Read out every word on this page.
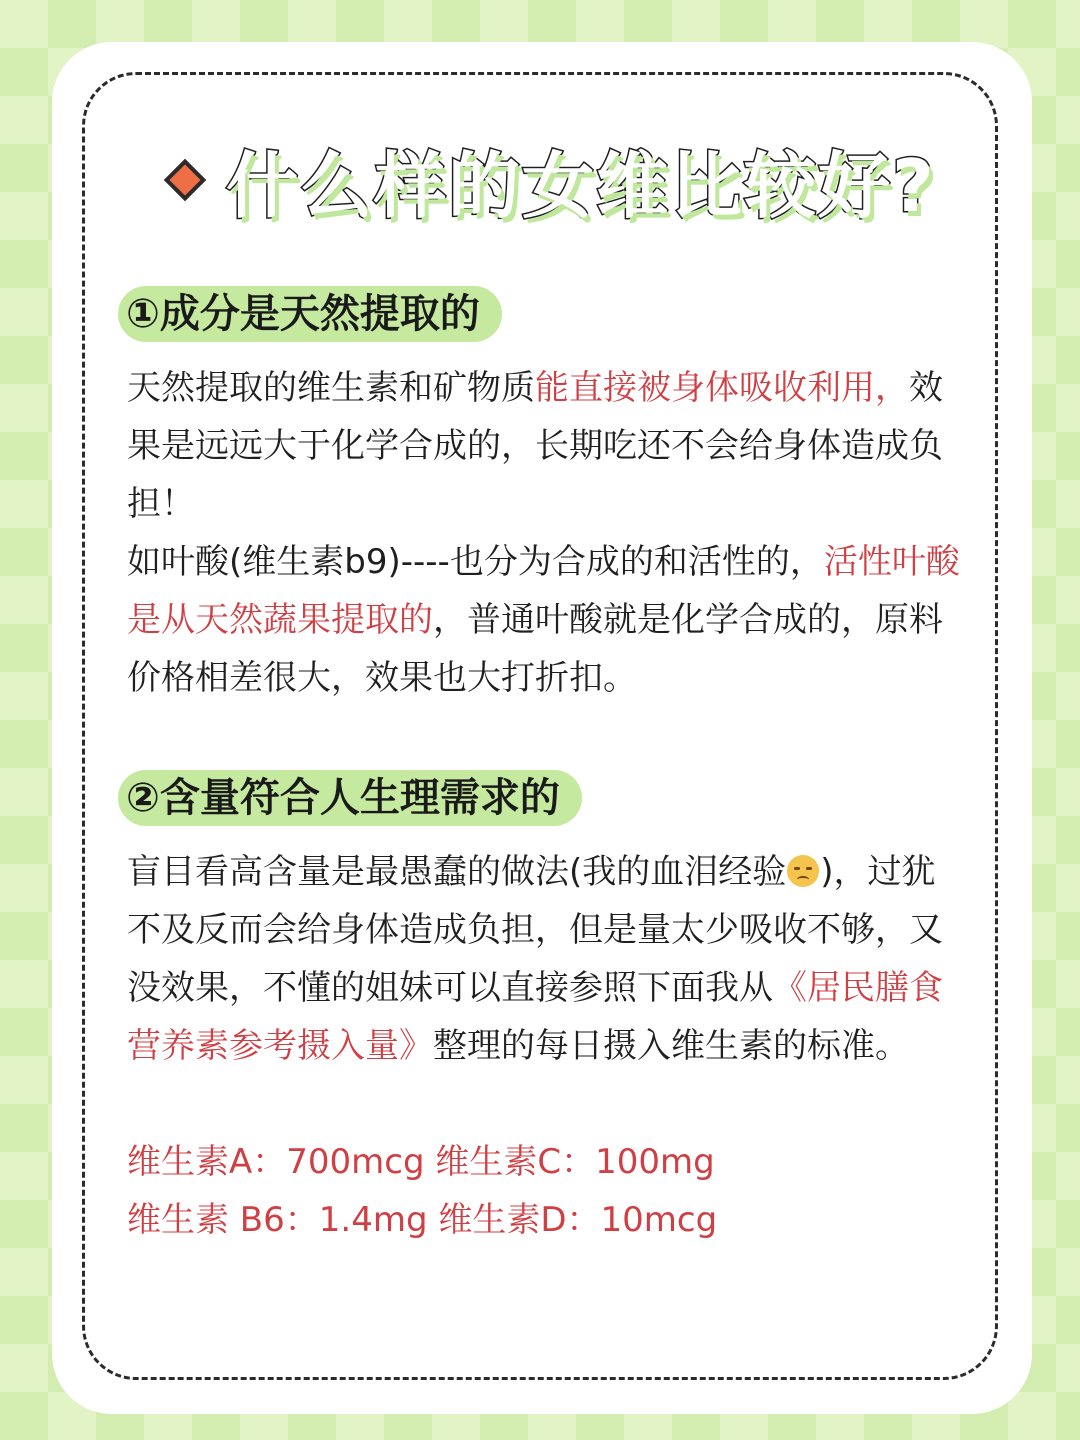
什么样的女维比较好?
①成分是天然提取的

天然提取的维生素和矿物质能直接被身体吸收利用，效果是远远大于化学合成的，长期吃还不会给身体造成负担！

如叶酸(维生素b9)----也分为合成的和活性的，活性叶酸是从天然蔬果提取的，普通叶酸就是化学合成的，原料价格相差很大，效果也大打折扣。

②含量符合人生理需求的

盲目看高含量是最愚蠢的做法(我的血泪经验 )，过犹不及反而会给身体造成负担，但是量太少吸收不够，又没效果，不懂的姐妹可以直接参照下面我从《居民膳食营养素参考摄入量》整理的每日摄入维生素的标准。

维生素A：700mcg 维生素C：100mg

维生素 B6：1.4mg 维生素D：10mcg
